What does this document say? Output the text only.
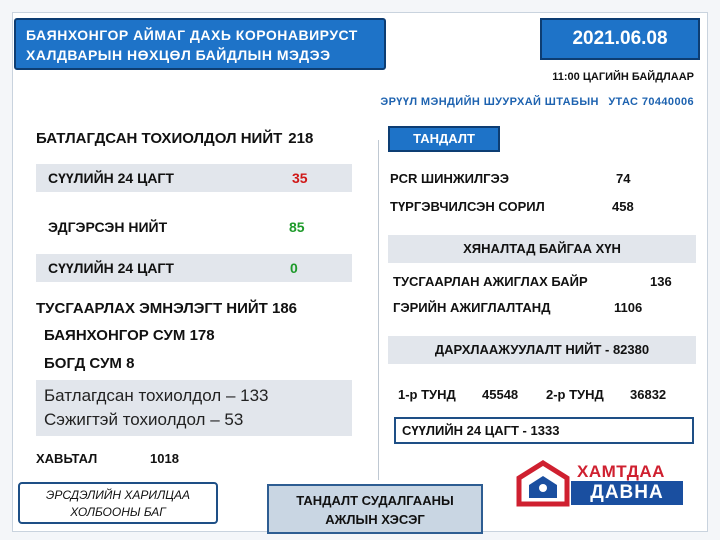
БАЯНХОНГОР АЙМАГ ДАХЬ КОРОНАВИРУСТ
ХАЛДВАРЫН НӨХЦӨЛ БАЙДЛЫН МЭДЭЭ
2021.06.08
11:00 ЦАГИЙН БАЙДЛААР
ЭРҮҮЛ МЭНДИЙН ШУУРХАЙ ШТАБЫН УТАС 70440006
БАТЛАГДСАН ТОХИОЛДОЛ НИЙТ 218
СҮҮЛИЙН 24 ЦАГТ	35
ЭДГЭРСЭН НИЙТ	85
СҮҮЛИЙН 24 ЦАГТ	0
ТУСГААРЛАХ ЭМНЭЛЭГТ НИЙТ 186
БАЯНХОНГОР СУМ 178
БОГД СУМ 8
Батлагдсан тохиолдол – 133
Сэжигтэй тохиолдол – 53
ХАВЬТАЛ	1018
ТАНДАЛТ
PCR ШИНЖИЛГЭЭ	74
ТҮРГЭВЧИЛСЭН СОРИЛ	458
ХЯНАЛТАД БАЙГАА ХҮН
ТУСГААРЛАН АЖИГЛАХ БАЙР	136
ГЭРИЙН АЖИГЛАЛТАНД	1106
ДАРХЛААЖУУЛАЛТ НИЙТ - 82380
1-р ТУНД 45548 2-р ТУНД 36832
СҮҮЛИЙН 24 ЦАГТ - 1333
ЭРСДЭЛИЙН ХАРИЛЦАА
ХОЛБООНЫ БАГ
ТАНДАЛТ СУДАЛГААНЫ
АЖЛЫН ХЭСЭГ
ХАМТДАА
ДАВНА
